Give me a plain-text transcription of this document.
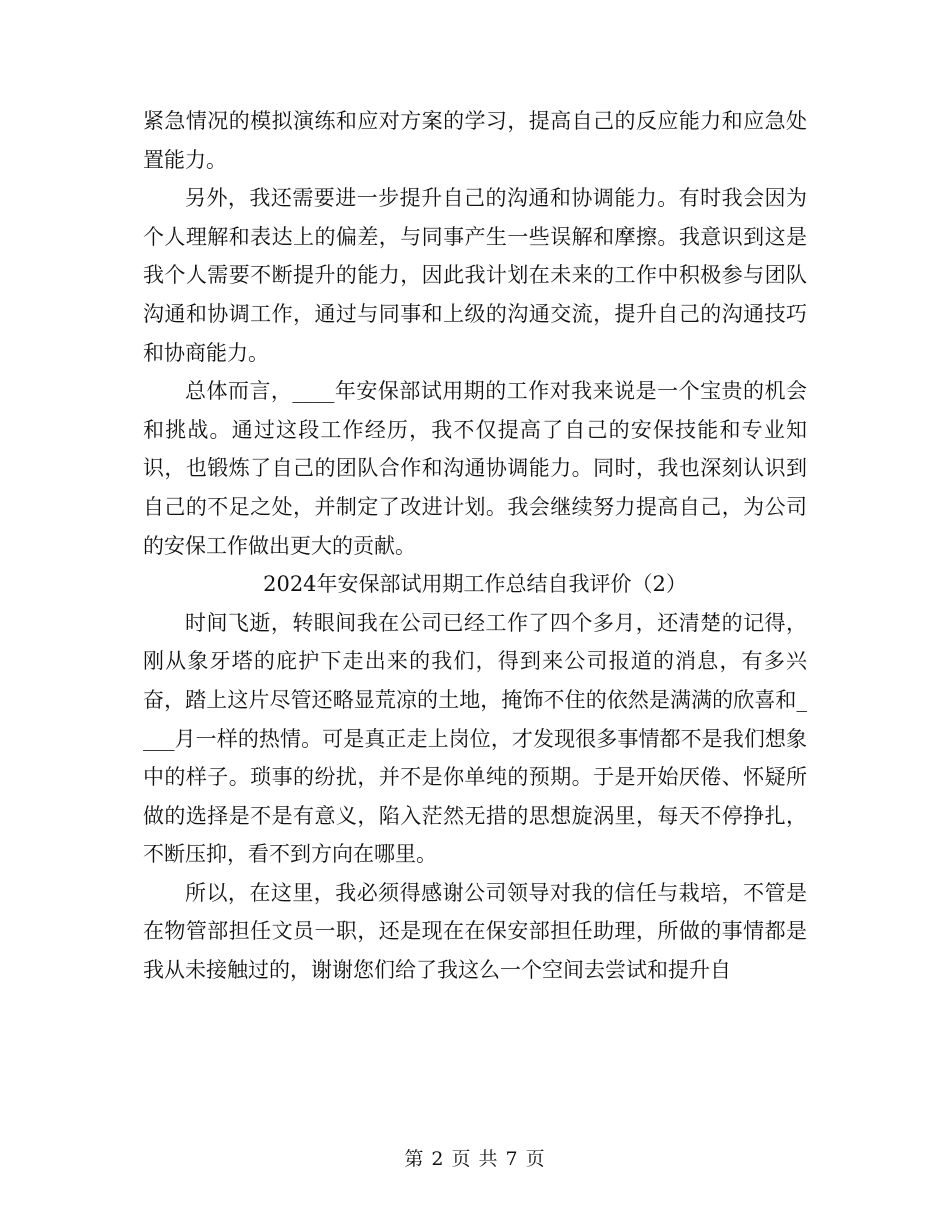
紧急情况的模拟演练和应对方案的学习，提高自己的反应能力和应急处置能力。

另外，我还需要进一步提升自己的沟通和协调能力。有时我会因为个人理解和表达上的偏差，与同事产生一些误解和摩擦。我意识到这是我个人需要不断提升的能力，因此我计划在未来的工作中积极参与团队沟通和协调工作，通过与同事和上级的沟通交流，提升自己的沟通技巧和协商能力。

总体而言，____年安保部试用期的工作对我来说是一个宝贵的机会和挑战。通过这段工作经历，我不仅提高了自己的安保技能和专业知识，也锻炼了自己的团队合作和沟通协调能力。同时，我也深刻认识到自己的不足之处，并制定了改进计划。我会继续努力提高自己，为公司的安保工作做出更大的贡献。

2024年安保部试用期工作总结自我评价（2）

时间飞逝，转眼间我在公司已经工作了四个多月，还清楚的记得，刚从象牙塔的庇护下走出来的我们，得到来公司报道的消息，有多兴奋，踏上这片尽管还略显荒凉的土地，掩饰不住的依然是满满的欣喜和____月一样的热情。可是真正走上岗位，才发现很多事情都不是我们想象中的样子。琐事的纷扰，并不是你单纯的预期。于是开始厌倦、怀疑所做的选择是不是有意义，陷入茫然无措的思想旋涡里，每天不停挣扎，不断压抑，看不到方向在哪里。

所以，在这里，我必须得感谢公司领导对我的信任与栽培，不管是在物管部担任文员一职，还是现在在保安部担任助理，所做的事情都是我从未接触过的，谢谢您们给了我这么一个空间去尝试和提升自

第 2 页 共 7 页
